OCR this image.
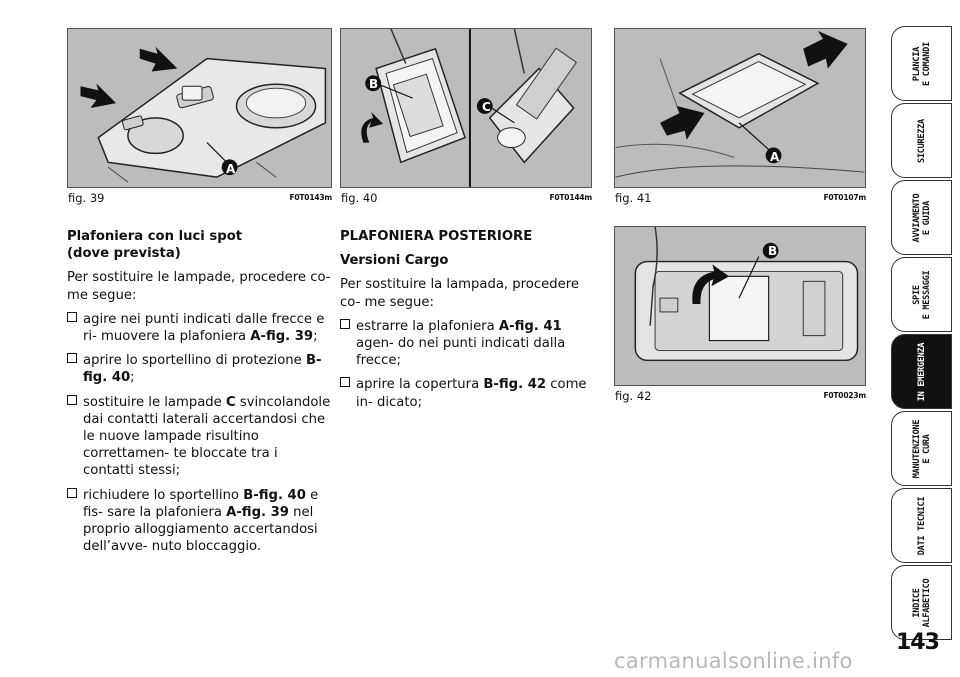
A
fig. 39	F0T0143m
B
C
fig. 40	F0T0144m
A
fig. 41	F0T0107m
B
fig. 42	F0T0023m

Plafoniera con luci spot

(dove prevista)

Per sostituire le lampade, procedere co- me segue:

agire nei punti indicati dalle frecce e ri- muovere la plafoniera A-fig. 39;

aprire lo sportellino di protezione B-fig. 40;

sostituire le lampade C svincolandole dai contatti laterali accertandosi che le nuove lampade risultino correttamen- te bloccate tra i contatti stessi;

richiudere lo sportellino B-fig. 40 e fis- sare la plafoniera A-fig. 39 nel proprio alloggiamento accertandosi dell’avve- nuto bloccaggio.

PLAFONIERA POSTERIORE

Versioni Cargo

Per sostituire la lampada, procedere co- me segue:

estrarre la plafoniera A-fig. 41 agen- do nei punti indicati dalla frecce;

aprire la copertura B-fig. 42 come in- dicato;

PLANCIA
E COMANDI
SICUREZZA
AVVIAMENTO
E GUIDA
SPIE
E MESSAGGI
IN EMERGENZA
MANUTENZIONE
E CURA
DATI TECNICI
INDICE
ALFABETICO
143
carmanualsonline.info
